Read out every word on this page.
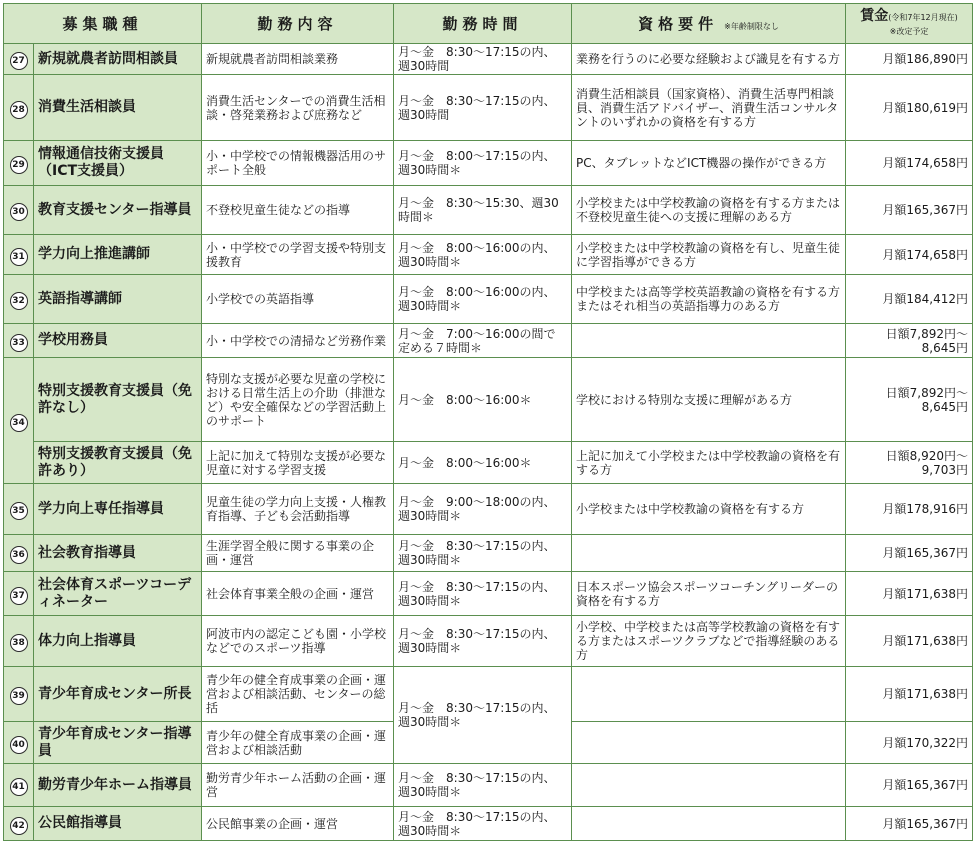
募集職種		勤務内容	勤務時間	資格要件 ※年齢制限なし	賃金(令和7年12月現在)
※改定予定
27	新規就農者訪問相談員	新規就農者訪問相談業務	月～金　8:30～17:15の内、週30時間	業務を行うのに必要な経験および識見を有する方	月額186,890円
28	消費生活相談員	消費生活センターでの消費生活相談・啓発業務および庶務など	月～金　8:30～17:15の内、週30時間	消費生活相談員（国家資格）、消費生活専門相談員、消費生活アドバイザー、消費生活コンサルタントのいずれかの資格を有する方	月額180,619円
29	情報通信技術支援員（ICT支援員）	小・中学校での情報機器活用のサポート全般	月～金　8:00～17:15の内、週30時間＊	PC、タブレットなどICT機器の操作ができる方	月額174,658円
30	教育支援センター指導員	不登校児童生徒などの指導	月～金　8:30～15:30、週30時間＊	小学校または中学校教諭の資格を有する方または不登校児童生徒への支援に理解のある方	月額165,367円
31	学力向上推進講師	小・中学校での学習支援や特別支援教育	月～金　8:00～16:00の内、週30時間＊	小学校または中学校教諭の資格を有し、児童生徒に学習指導ができる方	月額174,658円
32	英語指導講師	小学校での英語指導	月～金　8:00～16:00の内、週30時間＊	中学校または高等学校英語教諭の資格を有する方またはそれ相当の英語指導力のある方	月額184,412円
33	学校用務員	小・中学校での清掃など労務作業	月～金　7:00～16:00の間で定める７時間＊		日額7,892円～
8,645円
34	特別支援教育支援員（免許なし）	特別な支援が必要な児童の学校における日常生活上の介助（排泄など）や安全確保などの学習活動上のサポート	月～金　8:00～16:00＊	学校における特別な支援に理解がある方	日額7,892円～
8,645円
	特別支援教育支援員（免許あり）	上記に加えて特別な支援が必要な児童に対する学習支援	月～金　8:00～16:00＊	上記に加えて小学校または中学校教諭の資格を有する方	日額8,920円～
9,703円
35	学力向上専任指導員	児童生徒の学力向上支援・人権教育指導、子ども会活動指導	月～金　9:00～18:00の内、週30時間＊	小学校または中学校教諭の資格を有する方	月額178,916円
36	社会教育指導員	生涯学習全般に関する事業の企画・運営	月～金　8:30～17:15の内、週30時間＊		月額165,367円
37	社会体育スポーツコーディネーター	社会体育事業全般の企画・運営	月～金　8:30～17:15の内、週30時間＊	日本スポーツ協会スポーツコーチングリーダーの資格を有する方	月額171,638円
38	体力向上指導員	阿波市内の認定こども園・小学校などでのスポーツ指導	月～金　8:30～17:15の内、週30時間＊	小学校、中学校または高等学校教諭の資格を有する方またはスポーツクラブなどで指導経験のある方	月額171,638円
39	青少年育成センター所長	青少年の健全育成事業の企画・運営および相談活動、センターの総括	月～金　8:30～17:15の内、週30時間＊		月額171,638円
40	青少年育成センター指導員	青少年の健全育成事業の企画・運営および相談活動			月額170,322円
41	勤労青少年ホーム指導員	勤労青少年ホーム活動の企画・運営	月～金　8:30～17:15の内、週30時間＊		月額165,367円
42	公民館指導員	公民館事業の企画・運営	月～金　8:30～17:15の内、週30時間＊		月額165,367円
